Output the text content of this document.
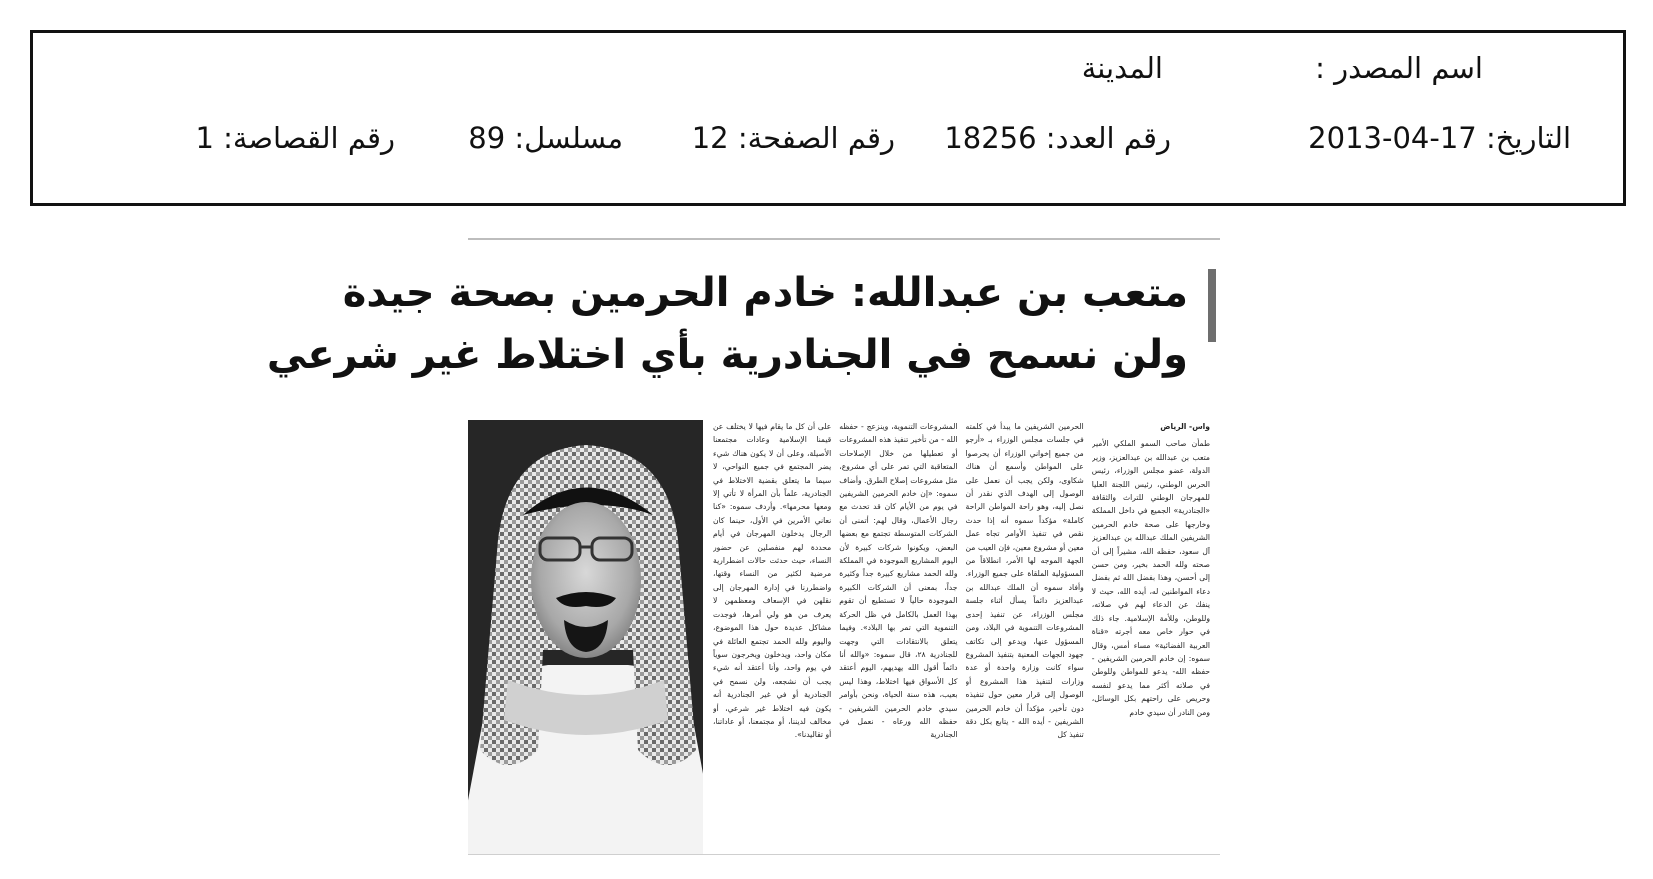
اسم المصدر :
المدينة
التاريخ: 17-04-2013
رقم العدد: 18256
رقم الصفحة: 12
مسلسل: 89
رقم القصاصة: 1
متعب بن عبدالله: خادم الحرمين بصحة جيدة
ولن نسمح في الجنادرية بأي اختلاط غير شرعي
واس- الرياض

طمأن صاحب السمو الملكي الأمير متعب بن عبدالله بن عبدالعزيز، وزير الدولة، عضو مجلس الوزراء، رئيس الحرس الوطني، رئيس اللجنة العليا للمهرجان الوطني للتراث والثقافة «الجنادرية» الجميع في داخل المملكة وخارجها على صحة خادم الحرمين الشريفين الملك عبدالله بن عبدالعزيز آل سعود، حفظه الله، مشيراً إلى أن صحته ولله الحمد بخير، ومن حسن إلى أحسن، وهذا بفضل الله ثم بفضل دعاء المواطنين له، أيده الله، حيث لا ينفك عن الدعاء لهم في صلاته، وللوطن، وللأمة الإسلامية. جاء ذلك في حوار خاص معه أجرته «قناة العربية الفضائية» مساء أمس، وقال سموه: إن خادم الحرمين الشريفين - حفظه الله- يدعو للمواطن وللوطن في صلاته أكثر مما يدعو لنفسه وحريص على راحتهم بكل الوسائل، ومن النادر أن سيدي خادم

الحرمين الشريفين ما يبدأ في كلمته في جلسات مجلس الوزراء بـ «أرجو من جميع إخواني الوزراء أن يحرصوا على المواطن وأسمع أن هناك شكاوى، ولكن يجب أن نعمل على الوصول إلى الهدف الذي نقدر أن نصل إليه، وهو راحة المواطن الراحة كاملة» مؤكداً سموه أنه إذا حدث نقص في تنفيذ الأوامر تجاه عمل معين أو مشروع معين، فإن العيب من الجهة الموجه لها الأمر، انطلاقاً من المسؤولية الملقاة على جميع الوزراء. وأفاد سموه أن الملك عبدالله بن عبدالعزيز دائماً يسأل أثناء جلسة مجلس الوزراء، عن تنفيذ إحدى المشروعات التنموية في البلاد، ومن المسؤول عنها، ويدعو إلى تكاتف جهود الجهات المعنية بتنفيذ المشروع سواء كانت وزارة واحدة أو عدة وزارات لتنفيذ هذا المشروع أو الوصول إلى قرار معين حول تنفيذه دون تأخير، مؤكداً أن خادم الحرمين الشريفين - أيده الله - يتابع بكل دقة تنفيذ كل

المشروعات التنموية، وينزعج - حفظه الله - من تأخير تنفيذ هذه المشروعات أو تعطيلها من خلال الإصلاحات المتعاقبة التي تمر على أي مشروع، مثل مشروعات إصلاح الطرق. وأضاف سموه: «إن خادم الحرمين الشريفين في يوم من الأيام كان قد تحدث مع رجال الأعمال، وقال لهم: أتمنى أن الشركات المتوسطة تجتمع مع بعضها البعض، ويكونوا شركات كبيرة لأن اليوم المشاريع الموجودة في المملكة ولله الحمد مشاريع كبيرة جداً وكثيرة جداً، بمعنى أن الشركات الكبيرة الموجودة حالياً لا تستطيع أن تقوم بهذا العمل بالكامل في ظل الحركة التنموية التي تمر بها البلاد». وفيما يتعلق بالانتقادات التي وجهت للجنادرية ٢٨، قال سموه: «والله أنا دائماً أقول الله يهديهم، اليوم أعتقد كل الأسواق فيها اختلاط، وهذا ليس بعيب، هذه سنة الحياة، ونحن بأوامر سيدي خادم الحرمين الشريفين - حفظه الله ورعاه - نعمل في الجنادرية

على أن كل ما يقام فيها لا يختلف عن قيمنا الإسلامية وعادات مجتمعنا الأصيلة، وعلى أن لا يكون هناك شيء يضر المجتمع في جميع النواحي، لا سيما ما يتعلق بقضية الاختلاط في الجنادرية، علماً بأن المرأة لا تأتي إلا ومعها محرمها». وأردف سموه: «كنا نعاني الأمرين في الأول، حينما كان الرجال يدخلون المهرجان في أيام محددة لهم منفصلين عن حضور النساء، حيث حدثت حالات اضطرارية مرضية لكثير من النساء وقتها، واضطررنا في إدارة المهرجان إلى نقلهن في الإسعاف ومعظمهن لا يعرف من هو ولي أمرها، فوجدت مشاكل عديدة حول هذا الموضوع، واليوم ولله الحمد تجتمع العائلة في مكان واحد، ويدخلون ويخرجون سوياً في يوم واحد، وأنا أعتقد أنه شيء يجب أن نشجعه، ولن نسمح في الجنادرية أو في غير الجنادرية أنه يكون فيه اختلاط غير شرعي، أو مخالف لديننا، أو مجتمعنا، أو عاداتنا، أو تقاليدنا».
